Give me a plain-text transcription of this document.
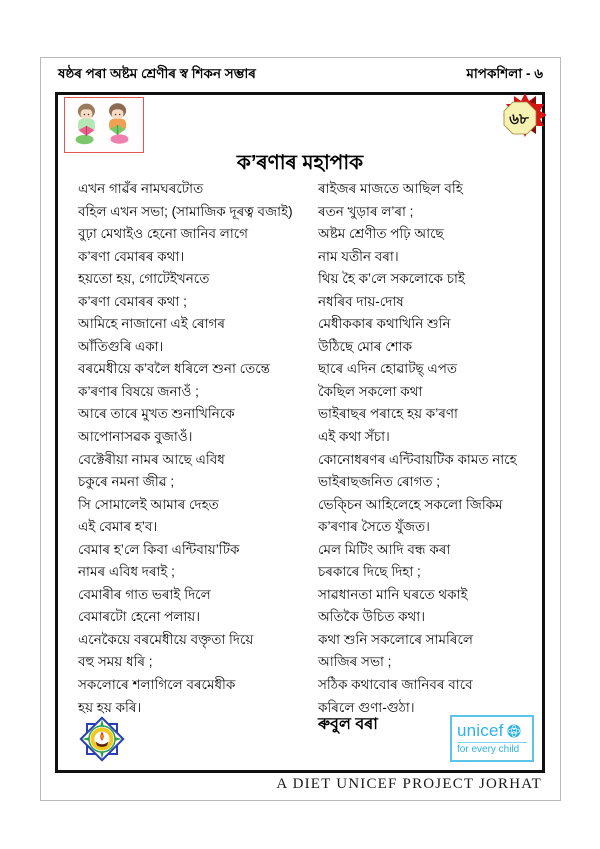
ষষ্ঠৰ পৰা অষ্টম শ্ৰেণীৰ স্ব শিকন সম্ভাৰ	মাপকশিলা - ৬
৬৮
ক’ৰণাৰ মহাপাক
এখন গাৱঁৰ নামঘৰটোত
বহিল এখন সভা; (সামাজিক দূৰত্ব বজাই)
বুঢ়া মেথাইও হেনো জানিব লাগে
ক’ৰণা বেমাৰৰ কথা।
হয়তো হয়, গোটেইখনতে
ক’ৰণা বেমাৰৰ কথা ;
আমিহে নাজানো এই ৰোগৰ
আঁতিগুৰি একা।
বৰমেধীয়ে ক’বলৈ ধৰিলে শুনা তেন্তে
ক’ৰণাৰ বিষয়ে জনাওঁ ;
আৰে তাৰে মুখত শুনাখিনিকে
আপোনাসৱক বুজাওঁ।
বেক্টেৰীয়া নামৰ আছে এবিধ
চকুৰে নমনা জীৱ ;
সি সোমালেই আমাৰ দেহত
এই বেমাৰ হ’ব।
বেমাৰ হ’লে কিবা এন্টিবায়’টিক
নামৰ এবিধ দৰাই ;
বেমাৰীৰ গাত ভৰাই দিলে
বেমাৰটো হেনো পলায়।
এনেকৈয়ে বৰমেধীয়ে বক্তৃতা দিয়ে
বহু সময় ধৰি ;
সকলোৰে শলাগিলে বৰমেধীক
হয় হয় কৰি।
ৰাইজৰ মাজতে আছিল বহি
ৰতন খুড়াৰ ল’ৰা ;
অষ্টম শ্ৰেণীত পঢ়ি আছে
নাম যতীন বৰা।
থিয় হৈ ক’লে সকলোকে চাই
নধৰিব দায়-দোষ
মেধীককাৰ কথাখিনি শুনি
উঠিছে মোৰ শোক
ছাৰে এদিন হোৱাটছ্ এপত
কৈছিল সকলো কথা
ভাইৰাছৰ পৰাহে হয় ক’ৰণা
এই কথা সঁচা।
কোনোধৰণৰ এন্টিবায়টিক কামত নাহে
ভাইৰাছজনিত ৰোগত ;
ভেক্চিন আহিলেহে সকলো জিকিম
ক’ৰণাৰ সৈতে যুঁজত।
মেল মিটিং আদি বন্ধ কৰা
চৰকাৰে দিছে দিহা ;
সাৱধানতা মানি ঘৰতে থকাই
অতিকৈ উচিত কথা।
কথা শুনি সকলোৰে সামৰিলে
আজিৰ সভা ;
সঠিক কথাবোৰ জানিবৰ বাবে
কৰিলে গুণা-গুঠা।
ৰুবুল বৰা	unicef
for every child
A DIET UNICEF PROJECT JORHAT
